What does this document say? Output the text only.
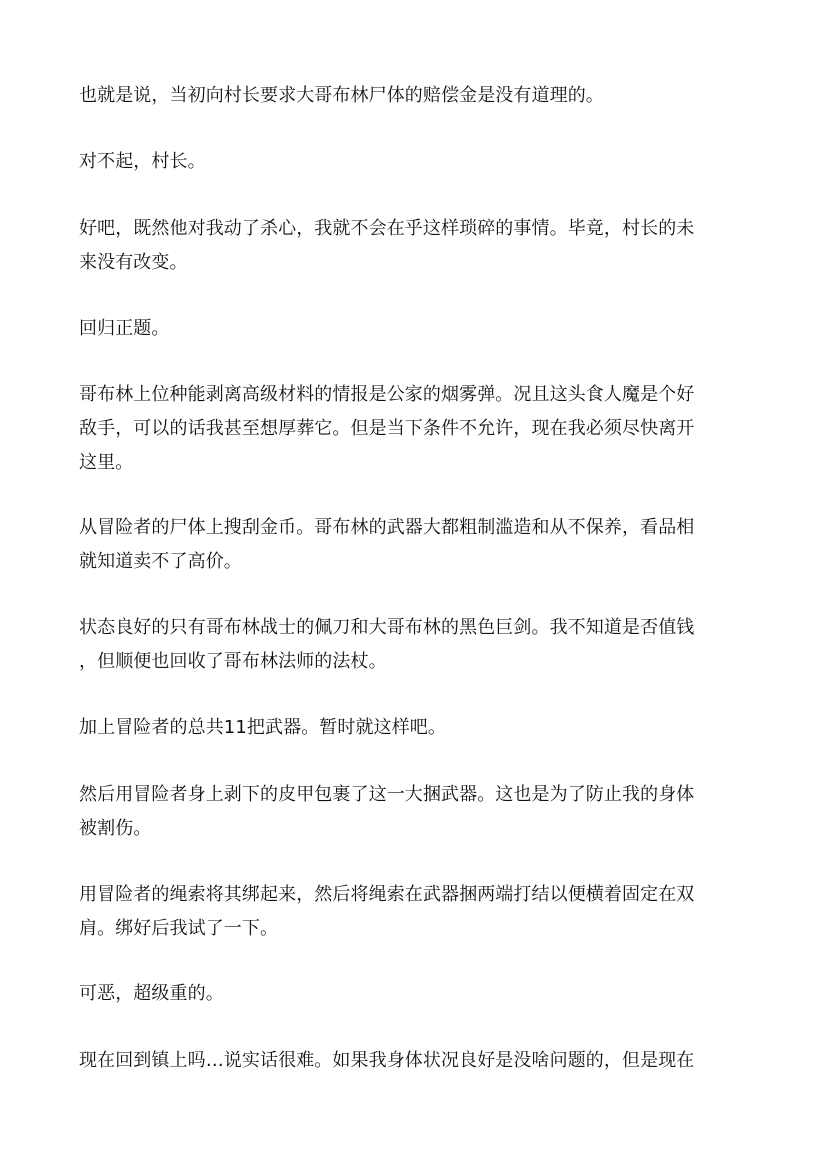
也就是说，当初向村长要求大哥布林尸体的赔偿金是没有道理的。

对不起，村长。

好吧，既然他对我动了杀心，我就不会在乎这样琐碎的事情。毕竟，村长的未
来没有改变。

回归正题。

哥布林上位种能剥离高级材料的情报是公家的烟雾弹。况且这头食人魔是个好
敌手，可以的话我甚至想厚葬它。但是当下条件不允许，现在我必须尽快离开
这里。

从冒险者的尸体上搜刮金币。哥布林的武器大都粗制滥造和从不保养，看品相
就知道卖不了高价。

状态良好的只有哥布林战士的佩刀和大哥布林的黑色巨剑。我不知道是否值钱
，但顺便也回收了哥布林法师的法杖。

加上冒险者的总共11把武器。暂时就这样吧。

然后用冒险者身上剥下的皮甲包裹了这一大捆武器。这也是为了防止我的身体
被割伤。

用冒险者的绳索将其绑起来，然后将绳索在武器捆两端打结以便横着固定在双
肩。绑好后我试了一下。

可恶，超级重的。

现在回到镇上吗…说实话很难。如果我身体状况良好是没啥问题的，但是现在
